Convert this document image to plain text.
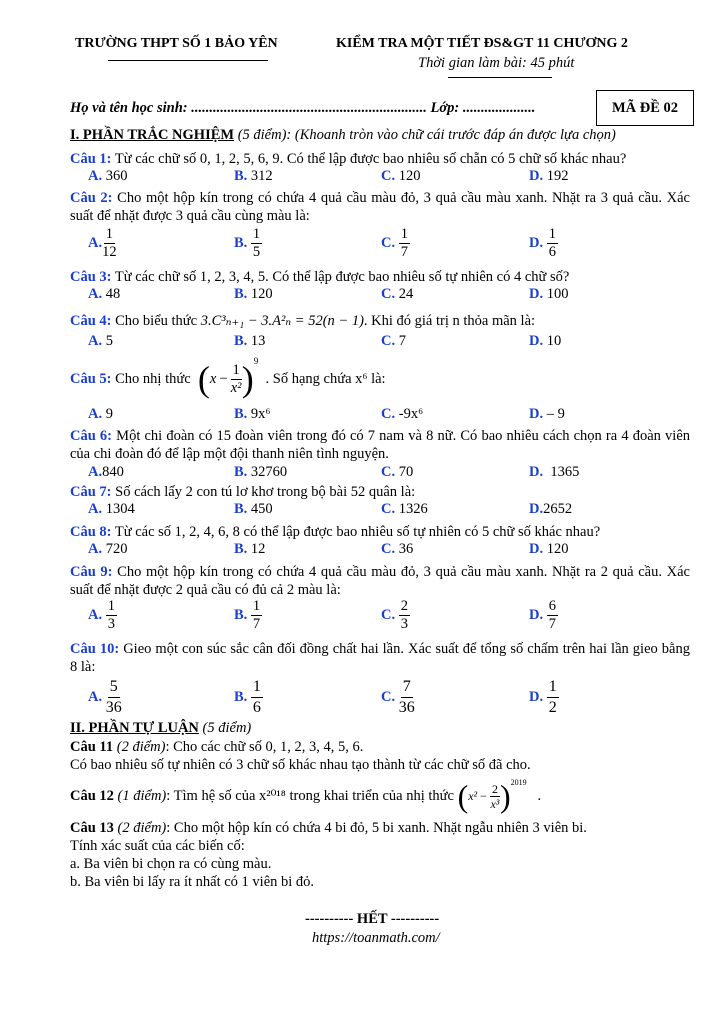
TRƯỜNG THPT SỐ 1 BẢO YÊN	KIỂM TRA MỘT TIẾT ĐS&GT 11 CHƯƠNG 2
Thời gian làm bài: 45 phút
Họ và tên học sinh: ................................................................. Lớp: ....................	MÃ ĐỀ 02
I. PHẦN TRẮC NGHIỆM (5 điểm): (Khoanh tròn vào chữ cái trước đáp án được lựa chọn)
Câu 1: Từ các chữ số 0, 1, 2, 5, 6, 9. Có thể lập được bao nhiêu số chẵn có 5 chữ số khác nhau?
A. 360	B. 312	C. 120	D. 192
Câu 2: Cho một hộp kín trong có chứa 4 quả cầu màu đỏ, 3 quả cầu màu xanh. Nhặt ra 3 quả cầu. Xác suất để nhặt được 3 quả cầu cùng màu là:
A. $\frac{1}{12}$	B. $\frac{1}{5}$	C. $\frac{1}{7}$	D. $\frac{1}{6}$
Câu 3: Từ các chữ số 1, 2, 3, 4, 5. Có thể lập được bao nhiêu số tự nhiên có 4 chữ số?
A. 48	B. 120	C. 24	D. 100
Câu 4: Cho biểu thức 3.C³ₙ₊₁ − 3.A²ₙ = 52(n − 1). Khi đó giá trị n thỏa mãn là:
A. 5	B. 13	C. 7	D. 10
Câu 5:
Cho nhị thức
( $x - \frac{1}{\text{x²}} )^9$

. Số hạng chứa x⁶ là:
A. 9	B. 9x⁶	C. -9x⁶	D. – 9
Câu 6: Một chi đoàn có 15 đoàn viên trong đó có 7 nam và 8 nữ. Có bao nhiêu cách chọn ra 4 đoàn viên của chi đoàn đó để lập một đội thanh niên tình nguyện.
A.840	B. 32760	C. 70	D. 1365
Câu 7: Số cách lấy 2 con tú lơ khơ trong bộ bài 52 quân là:
A. 1304	B. 450	C. 1326	D.2652
Câu 8: Từ các số 1, 2, 4, 6, 8 có thể lập được bao nhiêu số tự nhiên có 5 chữ số khác nhau?
A. 720	B. 12	C. 36	D. 120
Câu 9: Cho một hộp kín trong có chứa 4 quả cầu màu đỏ, 3 quả cầu màu xanh. Nhặt ra 2 quả cầu. Xác suất để nhặt được 2 quả cầu có đủ cả 2 màu là:
A. $\frac{1}{3}$	B. $\frac{1}{7}$	C. $\frac{2}{3}$	D. $\frac{6}{7}$
Câu 10: Gieo một con súc sắc cân đối đồng chất hai lần. Xác suất để tổng số chấm trên hai lần gieo bằng 8 là:
A. $\frac{5}{36}$	B. $\frac{1}{6}$	C. $\frac{7}{36}$	D. $\frac{1}{2}$
II. PHẦN TỰ LUẬN (5 điểm)
Câu 11 (2 điểm): Cho các chữ số 0, 1, 2, 3, 4, 5, 6.
Có bao nhiêu số tự nhiên có 3 chữ số khác nhau tạo thành từ các chữ số đã cho.
Câu 12
(1 điểm) : Tìm hệ số của x²⁰¹⁸ trong khai triển của nhị thức
( $x^2 - \frac{2}{\text{x³}} )^{2019}$

.
Câu 13 (2 điểm): Cho một hộp kín có chứa 4 bi đỏ, 5 bi xanh. Nhặt ngẫu nhiên 3 viên bi.
Tính xác suất của các biến cố:
a. Ba viên bi chọn ra có cùng màu.
b. Ba viên bi lấy ra ít nhất có 1 viên bi đỏ.
---------- HẾT ----------
https://toanmath.com/
